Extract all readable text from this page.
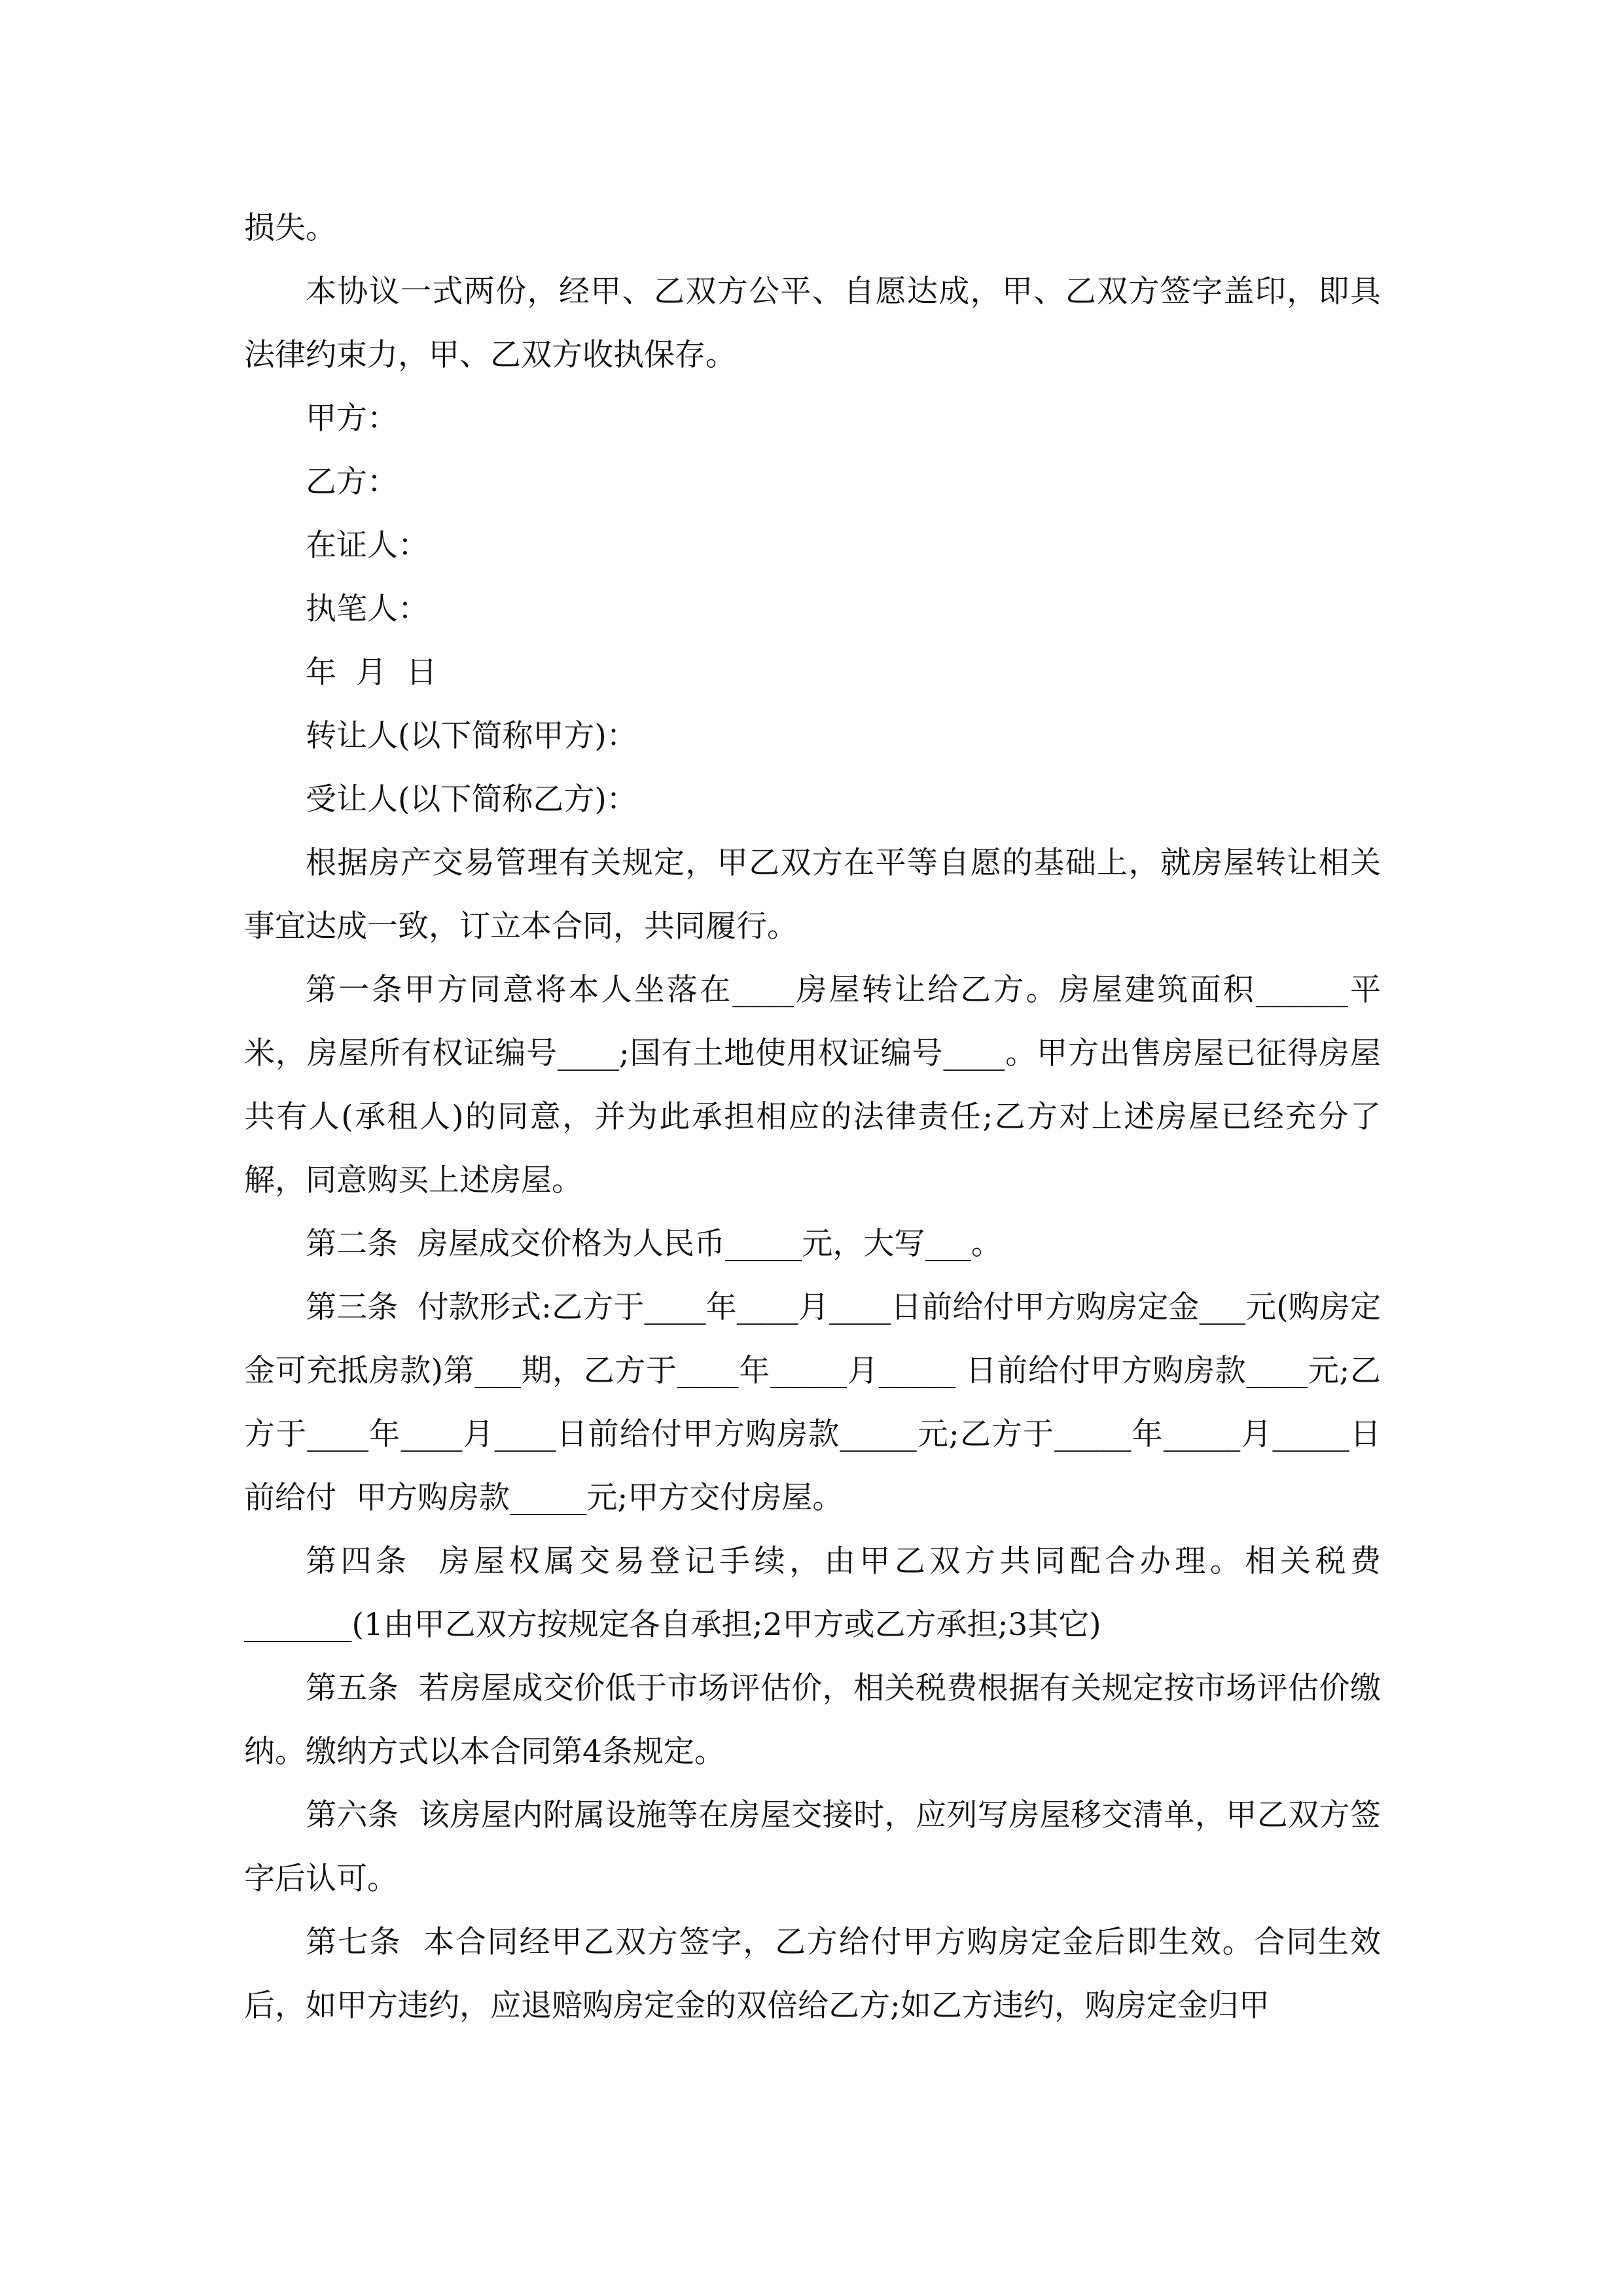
损失。

本协议一式两份，经甲、乙双方公平、自愿达成，甲、乙双方签字盖印，即具法律约束力，甲、乙双方收执保存。

甲方：

乙方：

在证人：

执笔人：

年  月  日

转让人(以下简称甲方)：

受让人(以下简称乙方)：

根据房产交易管理有关规定，甲乙双方在平等自愿的基础上，就房屋转让相关事宜达成一致，订立本合同，共同履行。

第一条甲方同意将本人坐落在____房屋转让给乙方。房屋建筑面积______平米，房屋所有权证编号____;国有土地使用权证编号____。甲方出售房屋已征得房屋共有人(承租人)的同意，并为此承担相应的法律责任;乙方对上述房屋已经充分了解，同意购买上述房屋。

第二条  房屋成交价格为人民币_____元，大写___。

第三条  付款形式:乙方于____年____月____日前给付甲方购房定金___元(购房定金可充抵房款)第___期，乙方于____年_____月_____ 日前给付甲方购房款____元;乙方于____年____月____日前给付甲方购房款_____元;乙方于_____年_____月_____日前给付  甲方购房款_____元;甲方交付房屋。

第四条  房屋权属交易登记手续，由甲乙双方共同配合办理。相关税费_______(1由甲乙双方按规定各自承担;2甲方或乙方承担;3其它)

第五条  若房屋成交价低于市场评估价，相关税费根据有关规定按市场评估价缴纳。缴纳方式以本合同第4条规定。

第六条  该房屋内附属设施等在房屋交接时，应列写房屋移交清单，甲乙双方签字后认可。

第七条  本合同经甲乙双方签字，乙方给付甲方购房定金后即生效。合同生效后，如甲方违约，应退赔购房定金的双倍给乙方;如乙方违约，购房定金归甲
